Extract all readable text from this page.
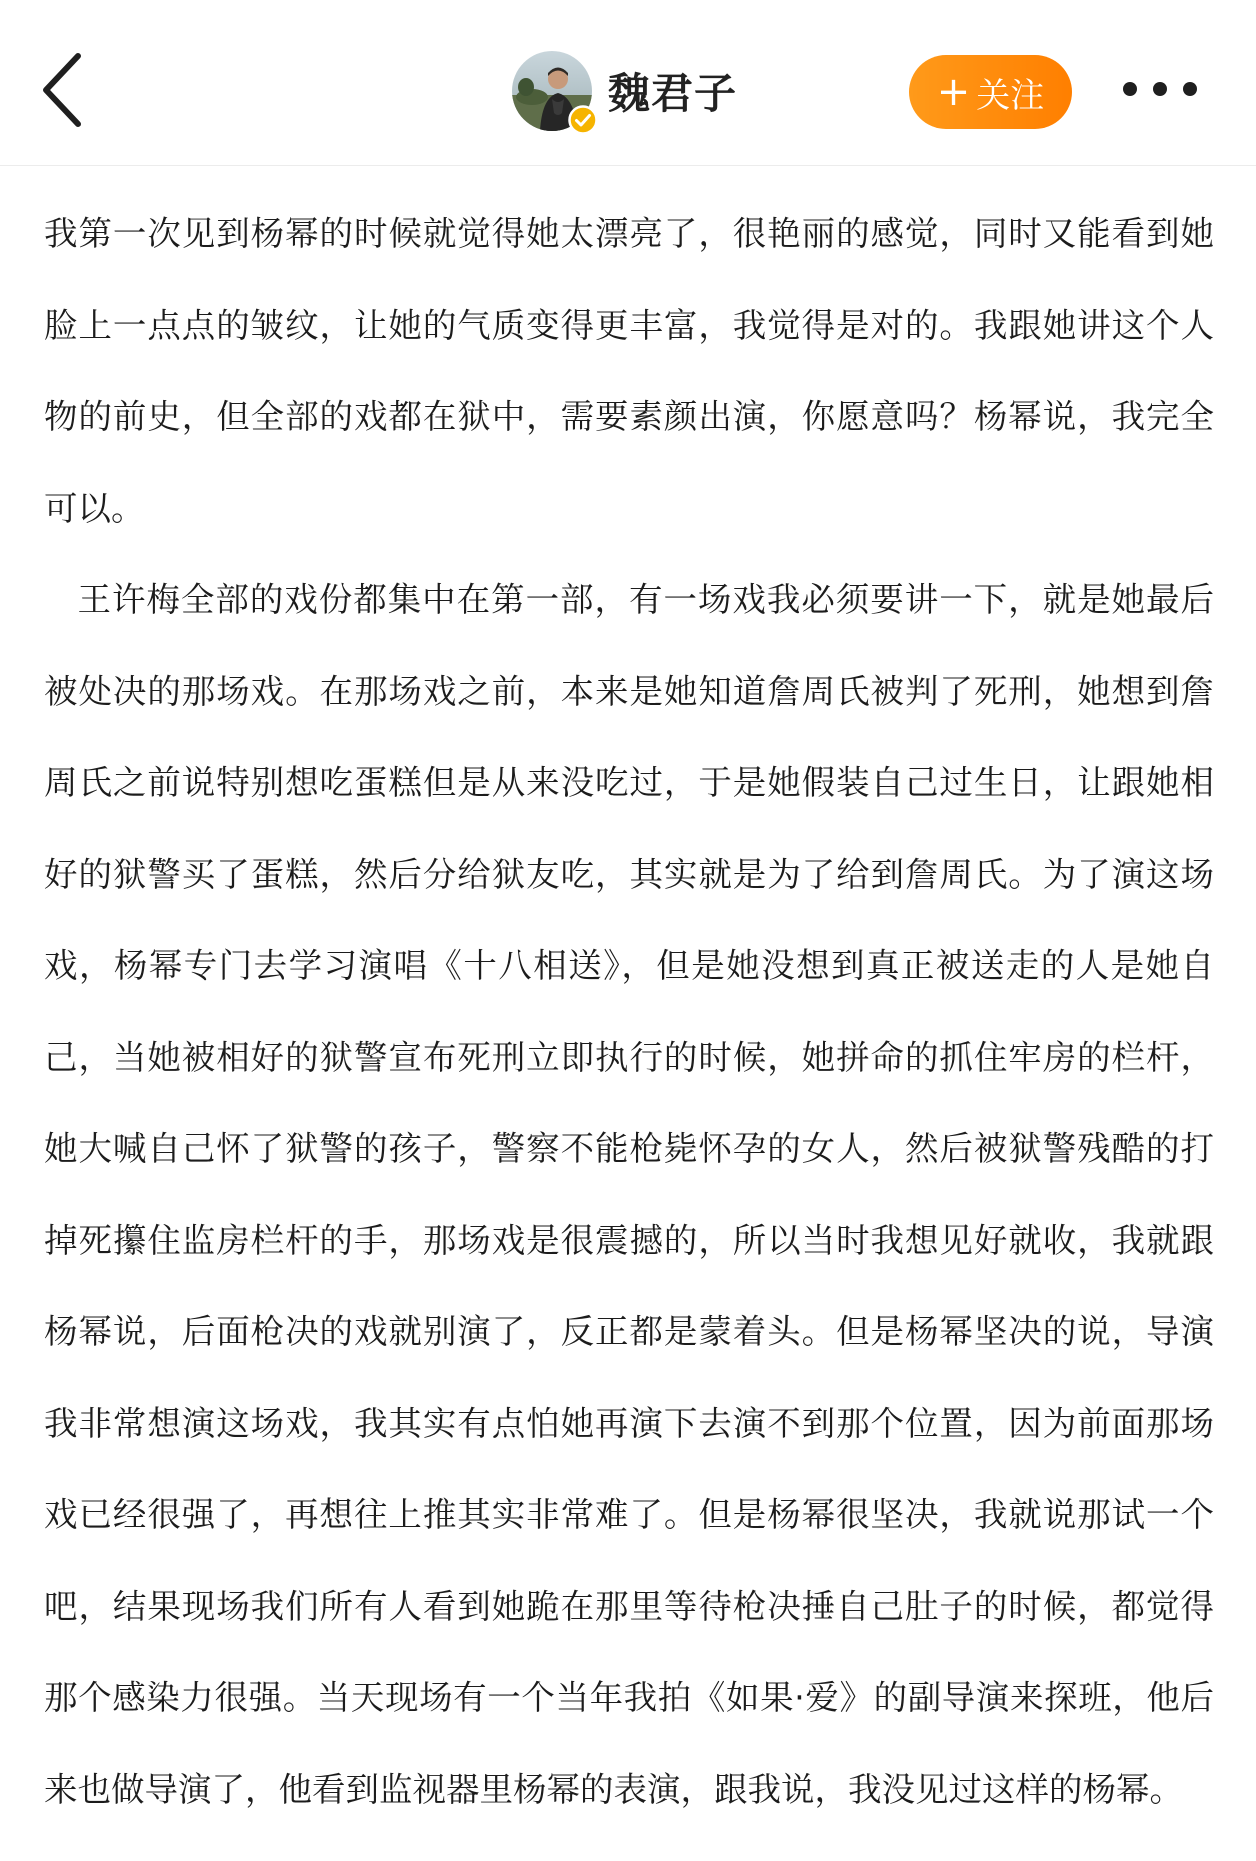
魏君子	+ 关注

我第一次见到杨幂的时候就觉得她太漂亮了，很艳丽的感觉，同时又能看到她脸上一点点的皱纹，让她的气质变得更丰富，我觉得是对的。我跟她讲这个人物的前史，但全部的戏都在狱中，需要素颜出演，你愿意吗？杨幂说，我完全可以。

王许梅全部的戏份都集中在第一部，有一场戏我必须要讲一下，就是她最后被处决的那场戏。在那场戏之前，本来是她知道詹周氏被判了死刑，她想到詹周氏之前说特别想吃蛋糕但是从来没吃过，于是她假装自己过生日，让跟她相好的狱警买了蛋糕，然后分给狱友吃，其实就是为了给到詹周氏。为了演这场戏，杨幂专门去学习演唱《十八相送》，但是她没想到真正被送走的人是她自己，当她被相好的狱警宣布死刑立即执行的时候，她拼命的抓住牢房的栏杆，她大喊自己怀了狱警的孩子，警察不能枪毙怀孕的女人，然后被狱警残酷的打掉死攥住监房栏杆的手，那场戏是很震撼的，所以当时我想见好就收，我就跟杨幂说，后面枪决的戏就别演了，反正都是蒙着头。但是杨幂坚决的说，导演我非常想演这场戏，我其实有点怕她再演下去演不到那个位置，因为前面那场戏已经很强了，再想往上推其实非常难了。但是杨幂很坚决，我就说那试一个吧，结果现场我们所有人看到她跪在那里等待枪决捶自己肚子的时候，都觉得那个感染力很强。当天现场有一个当年我拍《如果·爱》的副导演来探班，他后来也做导演了，他看到监视器里杨幂的表演，跟我说，我没见过这样的杨幂。
